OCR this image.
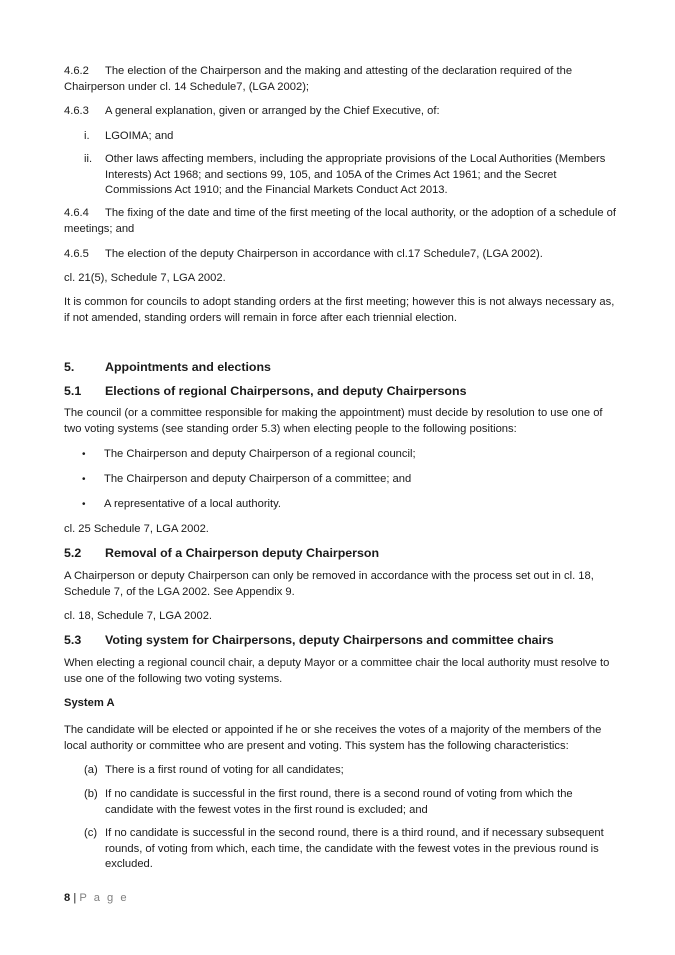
4.6.2 The election of the Chairperson and the making and attesting of the declaration required of the Chairperson under cl. 14 Schedule7, (LGA 2002);

4.6.3 A general explanation, given or arranged by the Chief Executive, of:

i.	LGOIMA; and
ii.	Other laws affecting members, including the appropriate provisions of the Local Authorities (Members Interests) Act 1968; and sections 99, 105, and 105A of the Crimes Act 1961; and the Secret Commissions Act 1910; and the Financial Markets Conduct Act 2013.

4.6.4 The fixing of the date and time of the first meeting of the local authority, or the adoption of a schedule of meetings; and

4.6.5 The election of the deputy Chairperson in accordance with cl.17 Schedule7, (LGA 2002).

cl. 21(5), Schedule 7, LGA 2002.

It is common for councils to adopt standing orders at the first meeting; however this is not always necessary as, if not amended, standing orders will remain in force after each triennial election.

5. Appointments and elections

5.1 Elections of regional Chairpersons, and deputy Chairpersons

The council (or a committee responsible for making the appointment) must decide by resolution to use one of two voting systems (see standing order 5.3) when electing people to the following positions:

• The Chairperson and deputy Chairperson of a regional council;
• The Chairperson and deputy Chairperson of a committee; and
• A representative of a local authority.

cl. 25 Schedule 7, LGA 2002.

5.2 Removal of a Chairperson deputy Chairperson

A Chairperson or deputy Chairperson can only be removed in accordance with the process set out in cl. 18, Schedule 7, of the LGA 2002. See Appendix 9.

cl. 18, Schedule 7, LGA 2002.

5.3 Voting system for Chairpersons, deputy Chairpersons and committee chairs

When electing a regional council chair, a deputy Mayor or a committee chair the local authority must resolve to use one of the following two voting systems.

System A

The candidate will be elected or appointed if he or she receives the votes of a majority of the members of the local authority or committee who are present and voting. This system has the following characteristics:

(a) There is a first round of voting for all candidates;
(b) If no candidate is successful in the first round, there is a second round of voting from which the candidate with the fewest votes in the first round is excluded; and
(c) If no candidate is successful in the second round, there is a third round, and if necessary subsequent rounds, of voting from which, each time, the candidate with the fewest votes in the previous round is excluded.
8 | P a g e
